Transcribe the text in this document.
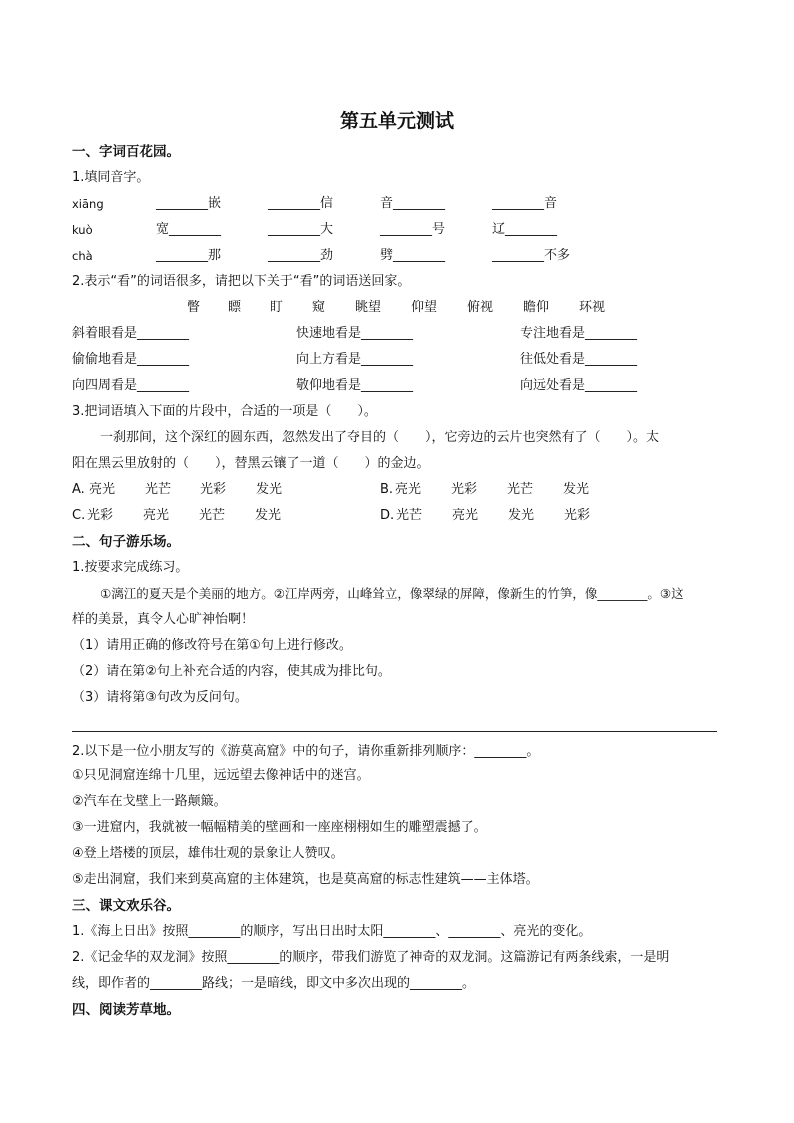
第五单元测试
一、字词百花园。
1.填同音字。
xiāng	________嵌	________信	音________	________音
kuò	宽________	________大	________号	辽________
chà	________那	________劲	劈________	________不多
2.表示“看”的词语很多，请把以下关于“看”的词语送回家。
瞥 瞟 盯 窥 眺望 仰望 俯视 瞻仰 环视
斜着眼看是________	快速地看是________	专注地看是________
偷偷地看是________	向上方看是________	往低处看是________
向四周看是________	敬仰地看是________	向远处看是________
3.把词语填入下面的片段中，合适的一项是（　　）。
一刹那间，这个深红的圆东西，忽然发出了夺目的（　　），它旁边的云片也突然有了（　　）。太
阳在黑云里放射的（　　），替黑云镶了一道（　　）的金边。
A. 亮光 光芒 光彩 发光	B. 亮光 光彩 光芒 发光
C. 光彩 亮光 光芒 发光	D. 光芒 亮光 发光 光彩
二、句子游乐场。
1.按要求完成练习。
①漓江的夏天是个美丽的地方。②江岸两旁，山峰耸立，像翠绿的屏障，像新生的竹笋，像________。③这
样的美景，真令人心旷神怡啊！
（1）请用正确的修改符号在第①句上进行修改。
（2）请在第②句上补充合适的内容，使其成为排比句。
（3）请将第③句改为反问句。
2.以下是一位小朋友写的《游莫高窟》中的句子，请你重新排列顺序：________。
①只见洞窟连绵十几里，远远望去像神话中的迷宫。
②汽车在戈壁上一路颠簸。
③一进窟内，我就被一幅幅精美的壁画和一座座栩栩如生的雕塑震撼了。
④登上塔楼的顶层，雄伟壮观的景象让人赞叹。
⑤走出洞窟，我们来到莫高窟的主体建筑，也是莫高窟的标志性建筑——主体塔。
三、课文欢乐谷。
1.《海上日出》按照________的顺序，写出日出时太阳________、________、亮光的变化。
2.《记金华的双龙洞》按照________的顺序，带我们游览了神奇的双龙洞。这篇游记有两条线索，一是明
线，即作者的________路线；一是暗线，即文中多次出现的________。
四、阅读芳草地。
